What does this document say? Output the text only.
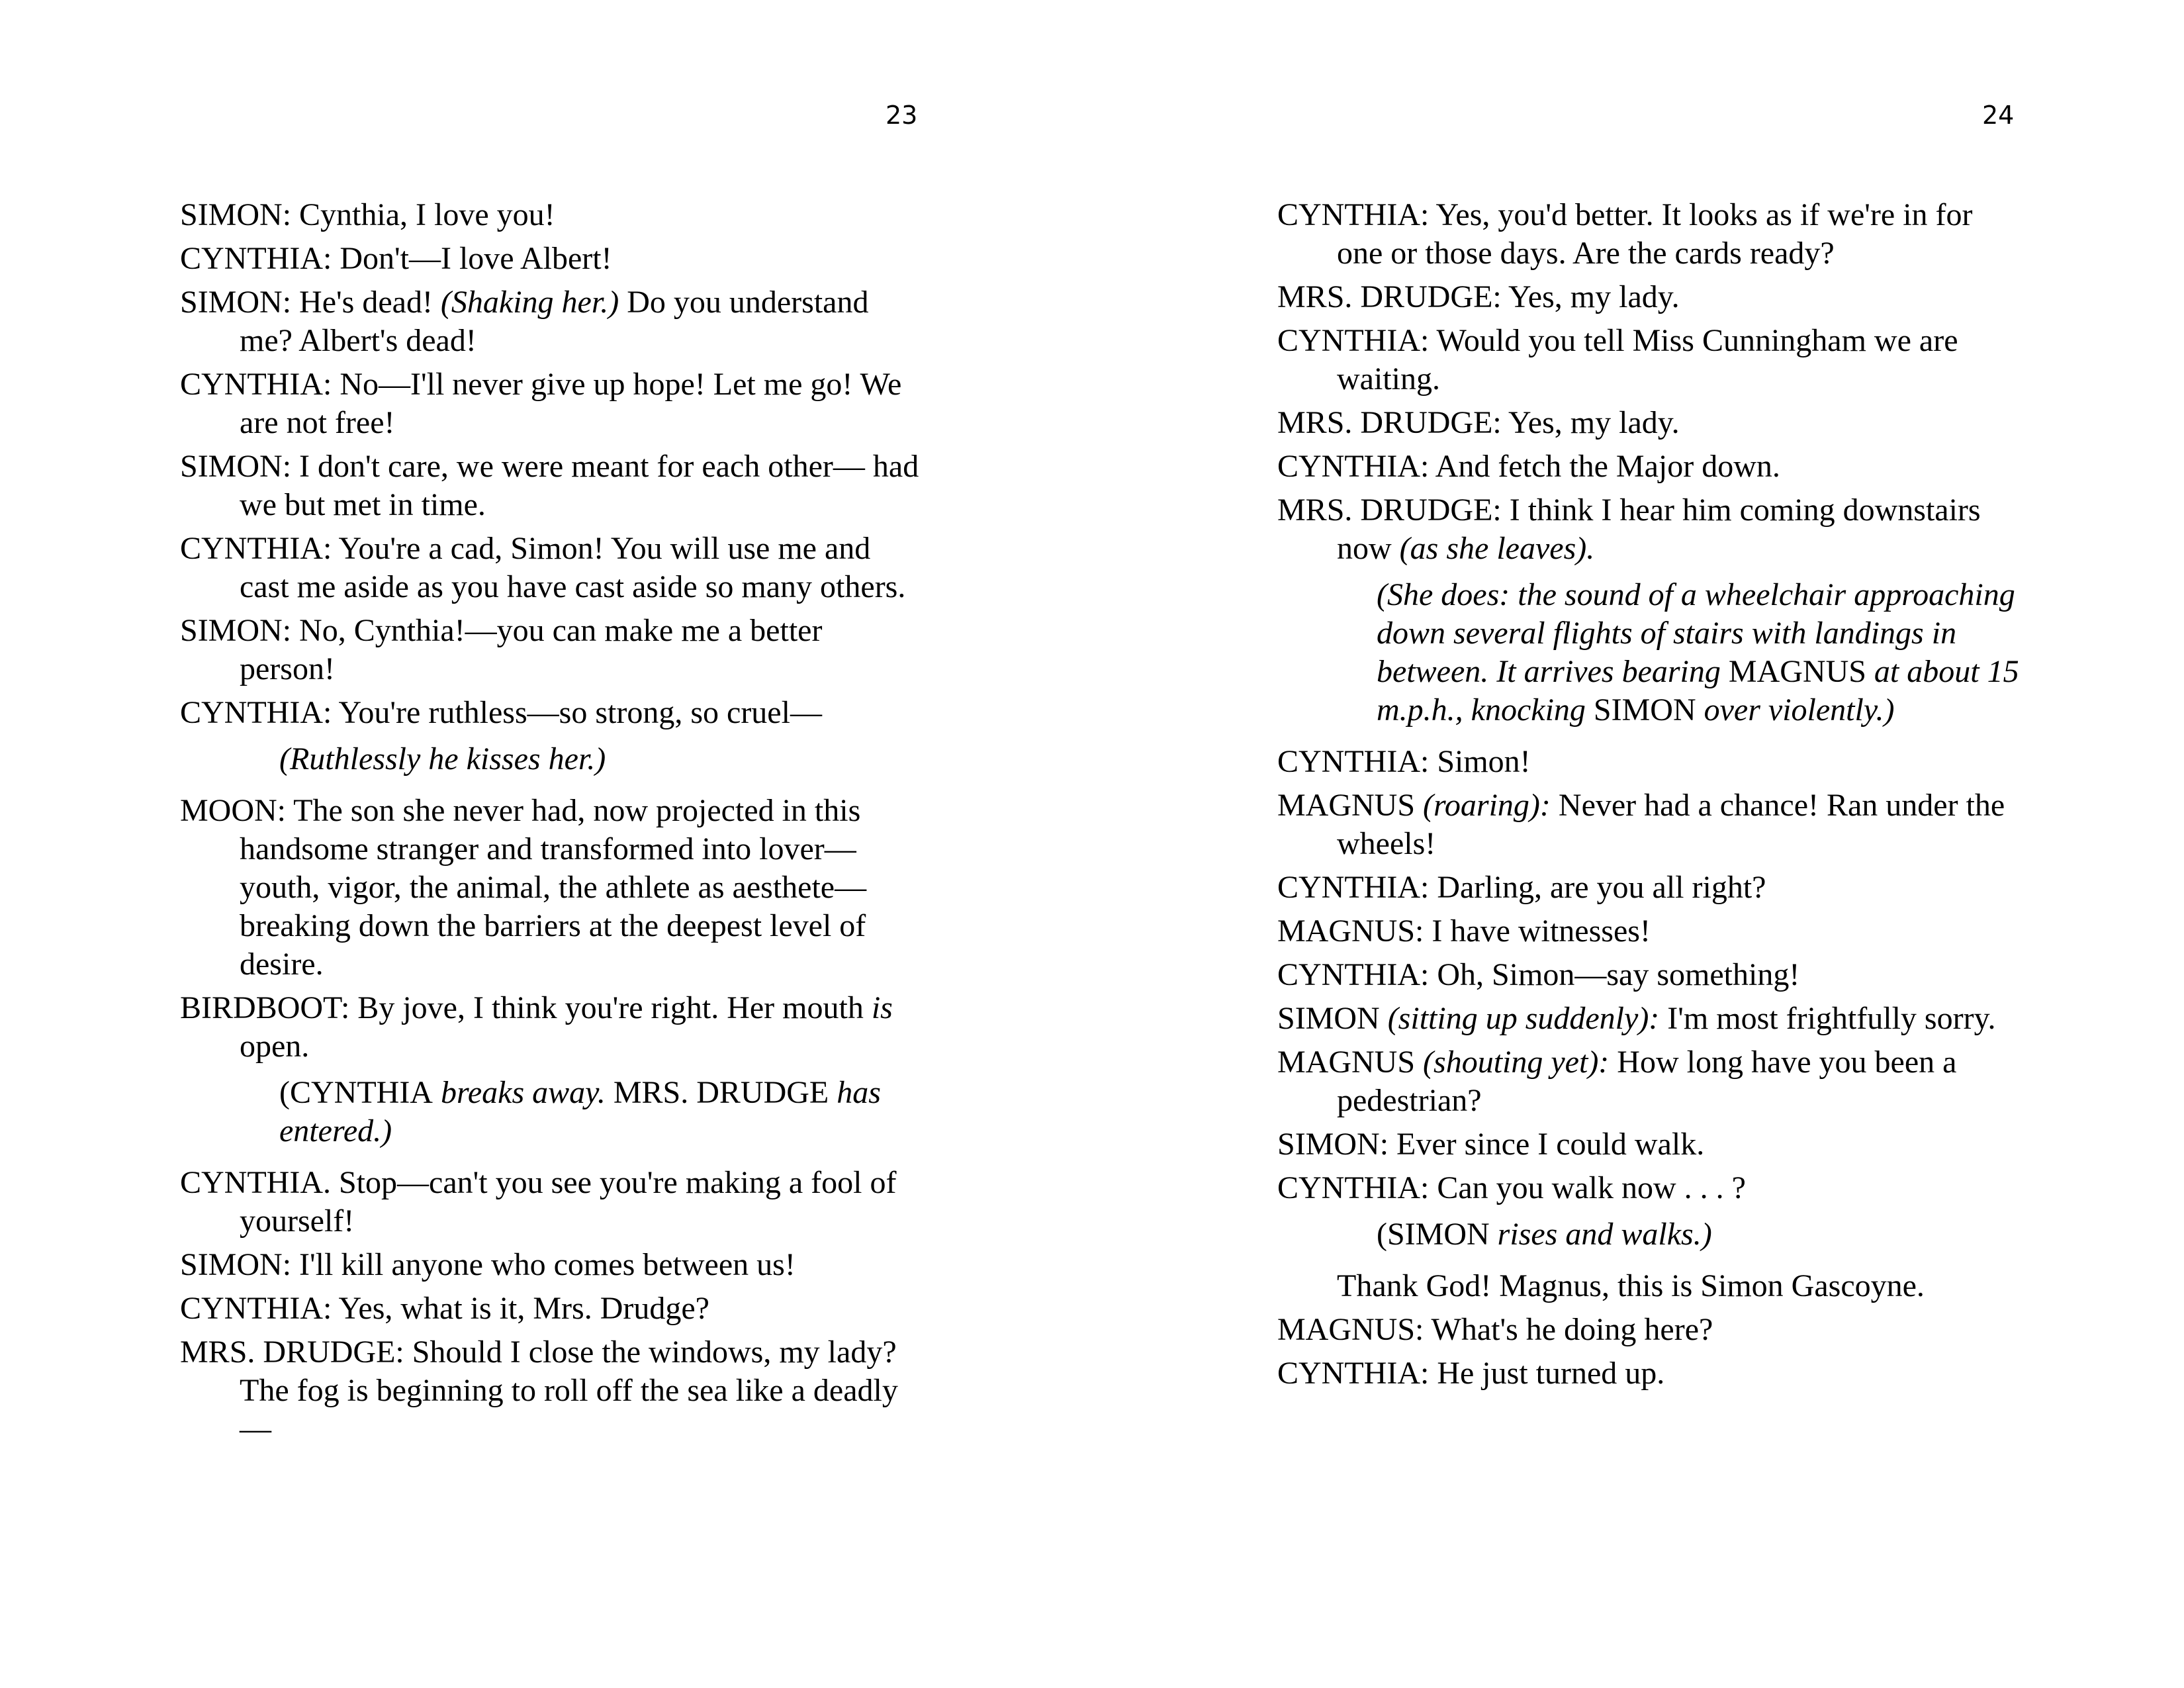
23

SIMON: Cynthia, I love you!

CYNTHIA: Don't—I love Albert!

SIMON: He's dead! (Shaking her.) Do you understand me? Albert's dead!

CYNTHIA: No—I'll never give up hope! Let me go! We are not free!

SIMON: I don't care, we were meant for each other— had we but met in time.

CYNTHIA: You're a cad, Simon! You will use me and cast me aside as you have cast aside so many others.

SIMON: No, Cynthia!—you can make me a better person!

CYNTHIA: You're ruthless—so strong, so cruel—

(Ruthlessly he kisses her.)

MOON: The son she never had, now projected in this handsome stranger and transformed into lover— youth, vigor, the animal, the athlete as aesthete— breaking down the barriers at the deepest level of desire.

BIRDBOOT: By jove, I think you're right. Her mouth is open.

(CYNTHIA breaks away. MRS. DRUDGE has entered.)

CYNTHIA. Stop—can't you see you're making a fool of yourself!

SIMON: I'll kill anyone who comes between us!

CYNTHIA: Yes, what is it, Mrs. Drudge?

MRS. DRUDGE: Should I close the windows, my lady? The fog is beginning to roll off the sea like a deadly—

24

CYNTHIA: Yes, you'd better. It looks as if we're in for one or those days. Are the cards ready?

MRS. DRUDGE: Yes, my lady.

CYNTHIA: Would you tell Miss Cunningham we are waiting.

MRS. DRUDGE: Yes, my lady.

CYNTHIA: And fetch the Major down.

MRS. DRUDGE: I think I hear him coming downstairs now (as she leaves).

(She does: the sound of a wheelchair approaching down several flights of stairs with landings in between. It arrives bearing MAGNUS at about 15 m.p.h., knocking SIMON over violently.)

CYNTHIA: Simon!

MAGNUS (roaring): Never had a chance! Ran under the wheels!

CYNTHIA: Darling, are you all right?

MAGNUS: I have witnesses!

CYNTHIA: Oh, Simon—say something!

SIMON (sitting up suddenly): I'm most frightfully sorry.

MAGNUS (shouting yet): How long have you been a pedestrian?

SIMON: Ever since I could walk.

CYNTHIA: Can you walk now . . . ?

(SIMON rises and walks.)

Thank God! Magnus, this is Simon Gascoyne.

MAGNUS: What's he doing here?

CYNTHIA: He just turned up.
